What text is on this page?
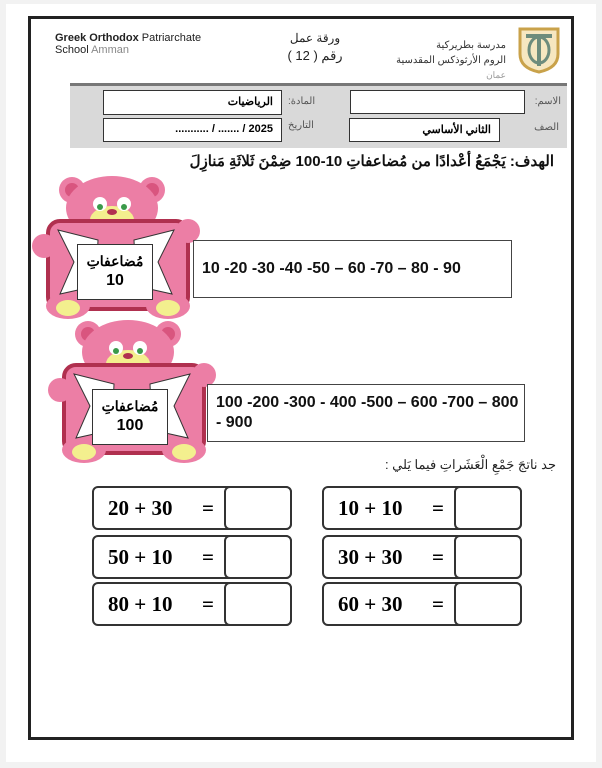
Greek Orthodox Patriarchate
School Amman
ورقة عمل
رقم ( 12 )
مدرسة بطريركية
الروم الأرثوذكس المقدسية
عمان
الاسم:
المادة:
الرياضيات
الصف
الثاني الأساسي
التاريخ
2025 / ....... / ...........
الهدف: يَجْمَعُ أعْدادًا من مُضاعفاتِ 10-100 ضِمْنَ ثَلاثَةِ مَنازِلَ
مُضاعفاتِ
10
10 -20 -30 -40 -50 – 60 -70 – 80 - 90
مُضاعفاتِ
100
100 -200 -300 - 400 -500 – 600 -700 – 800 - 900
جد ناتجَ جَمْعِ الْعَشَراتِ فيما يَلي :
20 + 30 =	10 + 10 =
50 + 10 =	30 + 30 =
80 + 10 =	60 + 30 =
